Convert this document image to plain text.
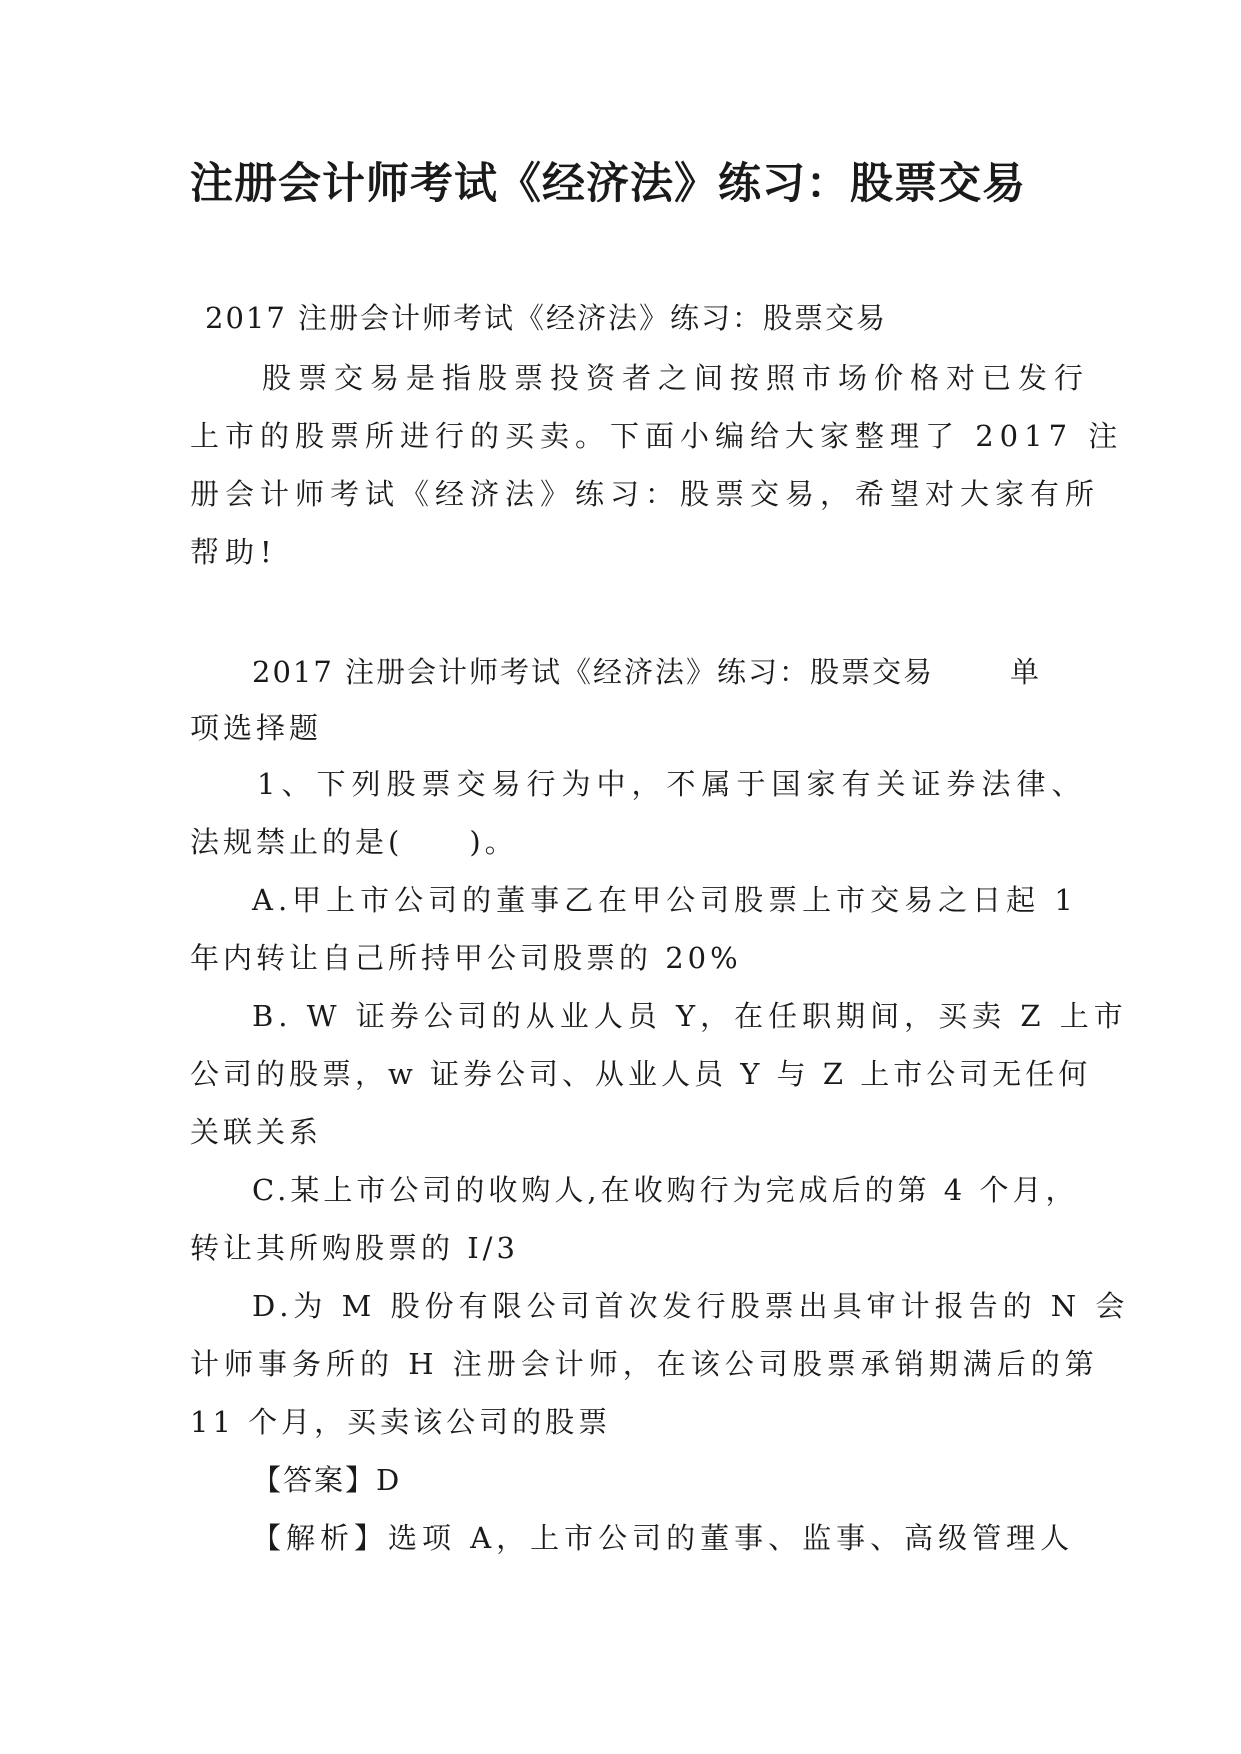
注册会计师考试《经济法》练习：股票交易
2017 注册会计师考试《经济法》练习：股票交易
股票交易是指股票投资者之间按照市场价格对已发行
上市的股票所进行的买卖。下面小编给大家整理了 2017 注
册会计师考试《经济法》练习：股票交易，希望对大家有所
帮助!
2017 注册会计师考试《经济法》练习：股票交易	单
项选择题
1、下列股票交易行为中，不属于国家有关证券法律、
法规禁止的是(　　)。
A.甲上市公司的董事乙在甲公司股票上市交易之日起 1
年内转让自己所持甲公司股票的 20%
B. W 证券公司的从业人员 Y，在任职期间，买卖 Z 上市
公司的股票，w 证券公司、从业人员 Y 与 Z 上市公司无任何
关联关系
C.某上市公司的收购人,在收购行为完成后的第 4 个月，
转让其所购股票的 I/3
D.为 M 股份有限公司首次发行股票出具审计报告的 N 会
计师事务所的 H 注册会计师，在该公司股票承销期满后的第
11 个月，买卖该公司的股票
【答案】D
【解析】选项 A，上市公司的董事、监事、高级管理人
